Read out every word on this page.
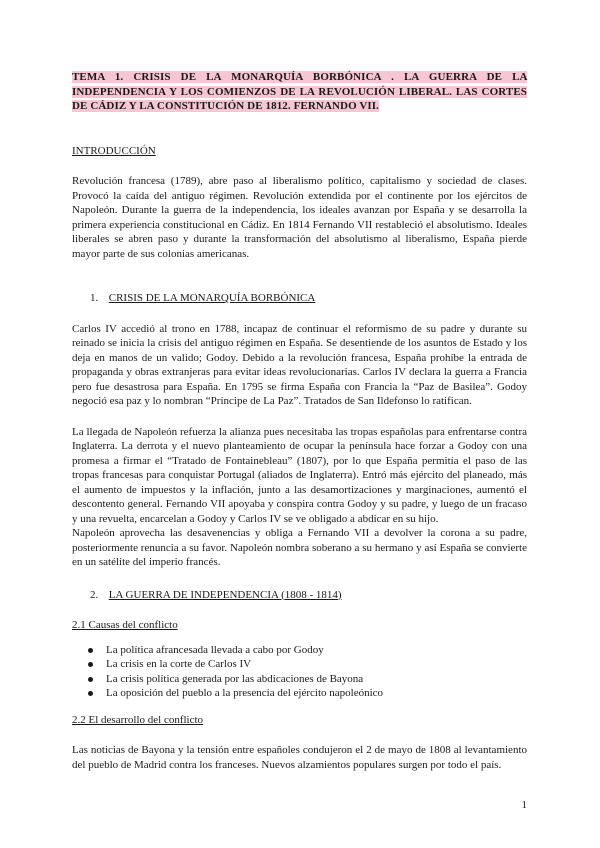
TEMA 1. CRISIS DE LA MONARQUÍA BORBÓNICA . LA GUERRA DE LA INDEPENDENCIA Y LOS COMIENZOS DE LA REVOLUCIÓN LIBERAL. LAS CORTES DE CÁDIZ Y LA CONSTITUCIÓN DE 1812. FERNANDO VII.
INTRODUCCIÓN

Revolución francesa (1789), abre paso al liberalismo político, capitalismo y sociedad de clases. Provocó la caída del antiguo régimen. Revolución extendida por el continente por los ejércitos de Napoleón. Durante la guerra de la independencia, los ideales avanzan por España y se desarrolla la primera experiencia constitucional en Cádiz. En 1814 Fernando VII restableció el absolutismo. Ideales liberales se abren paso y durante la transformación del absolutismo al liberalismo, España pierde mayor parte de sus colonias americanas.

1. CRISIS DE LA MONARQUÍA BORBÓNICA

Carlos IV accedió al trono en 1788, incapaz de continuar el reformismo de su padre y durante su reinado se inicia la crisis del antiguo régimen en España. Se desentiende de los asuntos de Estado y los deja en manos de un valido; Godoy. Debido a la revolución francesa, España prohíbe la entrada de propaganda y obras extranjeras para evitar ideas revolucionarias. Carlos IV declara la guerra a Francia pero fue desastrosa para España. En 1795 se firma España con Francia la “Paz de Basilea”. Godoy negoció esa paz y lo nombran “Príncipe de La Paz”. Tratados de San Ildefonso lo ratifican.

La llegada de Napoleón refuerza la alianza pues necesitaba las tropas españolas para enfrentarse contra Inglaterra. La derrota y el nuevo planteamiento de ocupar la península hace forzar a Godoy con una promesa a firmar el “Tratado de Fontainebleau” (1807), por lo que España permitía el paso de las tropas francesas para conquistar Portugal (aliados de Inglaterra). Entró más ejército del planeado, más el aumento de impuestos y la inflación, junto a las desamortizaciones y marginaciones, aumentó el descontento general. Fernando VII apoyaba y conspira contra Godoy y su padre, y luego de un fracaso y una revuelta, encarcelan a Godoy y Carlos IV se ve obligado a abdicar en su hijo.

Napoleón aprovecha las desavenencias y obliga a Fernando VII a devolver la corona a su padre, posteriormente renuncia a su favor. Napoleón nombra soberano a su hermano y así España se convierte en un satélite del imperio francés.

2. LA GUERRA DE INDEPENDENCIA (1808 - 1814)
2.1 Causas del conflicto
La política afrancesada llevada a cabo por Godoy
La crisis en la corte de Carlos IV
La crisis política generada por las abdicaciones de Bayona
La oposición del pueblo a la presencia del ejército napoleónico
2.2 El desarrollo del conflicto

Las noticias de Bayona y la tensión entre españoles condujeron el 2 de mayo de 1808 al levantamiento del pueblo de Madrid contra los franceses. Nuevos alzamientos populares surgen por todo el país.

1
